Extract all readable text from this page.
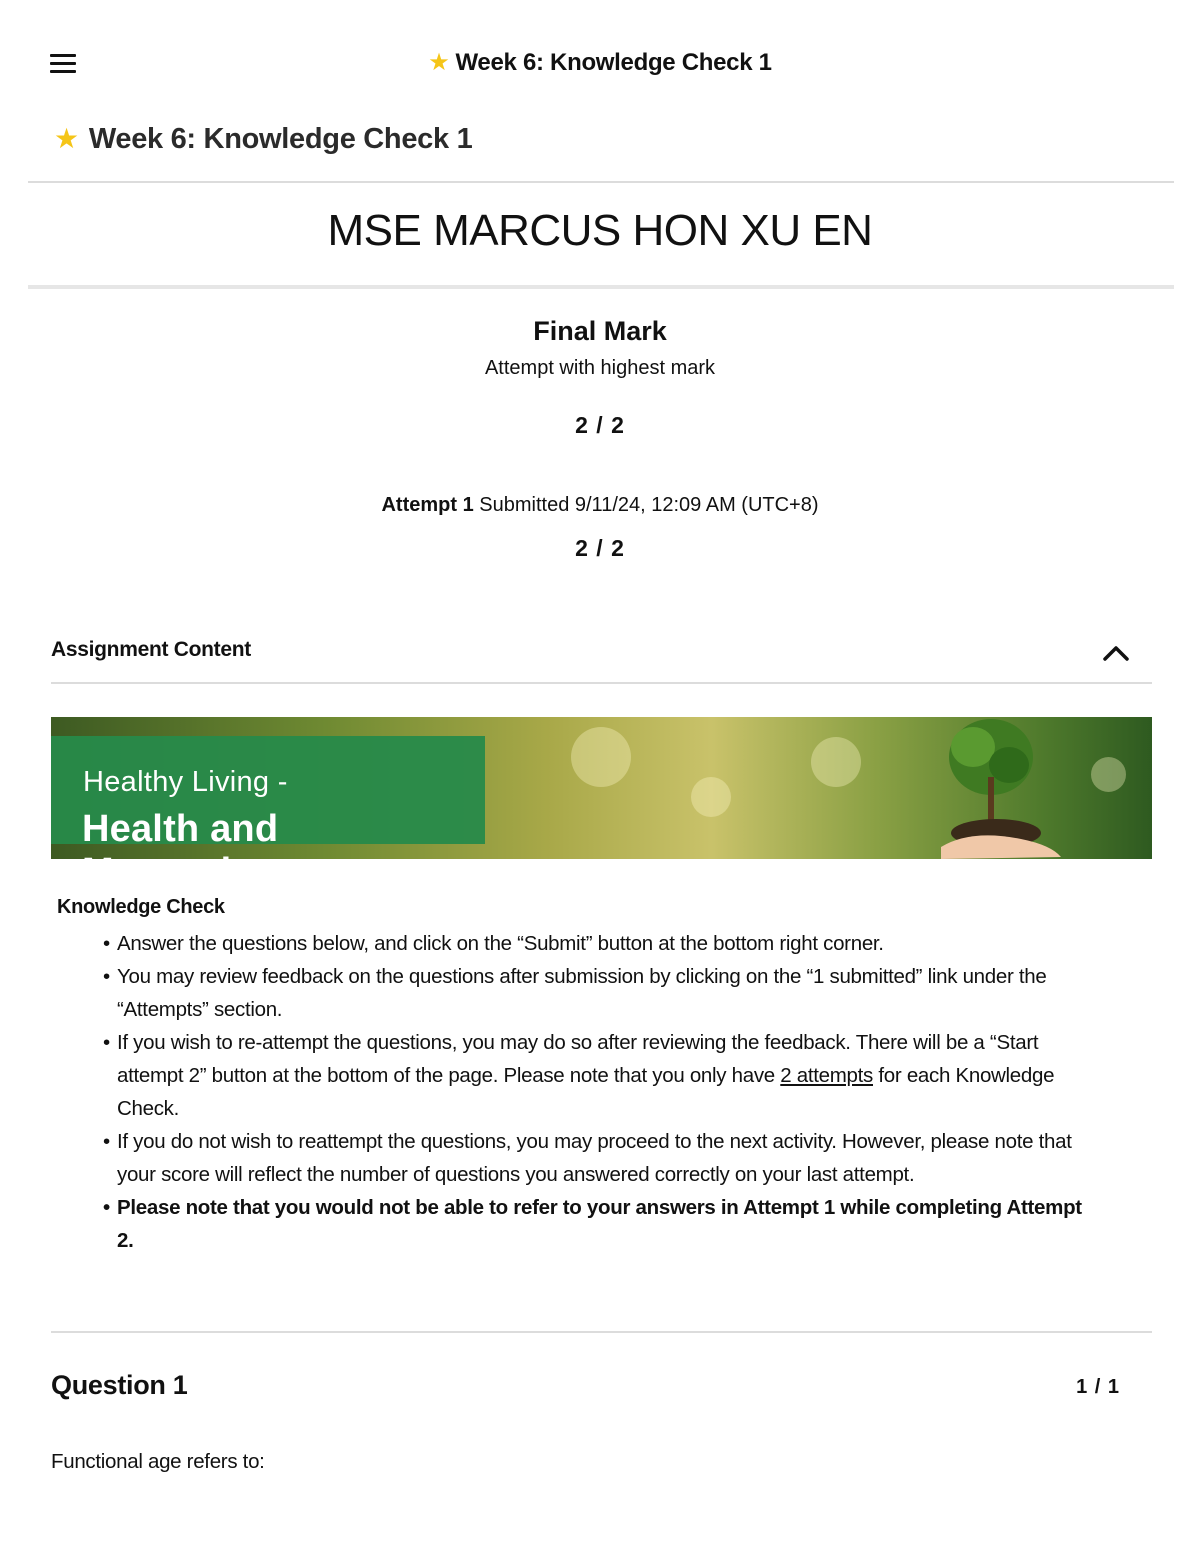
★ Week 6: Knowledge Check 1
★ Week 6: Knowledge Check 1
MSE MARCUS HON XU EN
Final Mark
Attempt with highest mark
2 / 2
Attempt 1 Submitted 9/11/24, 12:09 AM (UTC+8)
2 / 2
Assignment Content
Healthy Living -
Health and Maturation
Knowledge Check
• Answer the questions below, and click on the “Submit” button at the bottom right corner.
• You may review feedback on the questions after submission by clicking on the “1 submitted” link under the “Attempts” section.
• If you wish to re-attempt the questions, you may do so after reviewing the feedback. There will be a “Start attempt 2” button at the bottom of the page. Please note that you only have 2 attempts for each Knowledge Check.
• If you do not wish to reattempt the questions, you may proceed to the next activity. However, please note that your score will reflect the number of questions you answered correctly on your last attempt.
• Please note that you would not be able to refer to your answers in Attempt 1 while completing Attempt 2.
Question 1	1 / 1
Functional age refers to:
